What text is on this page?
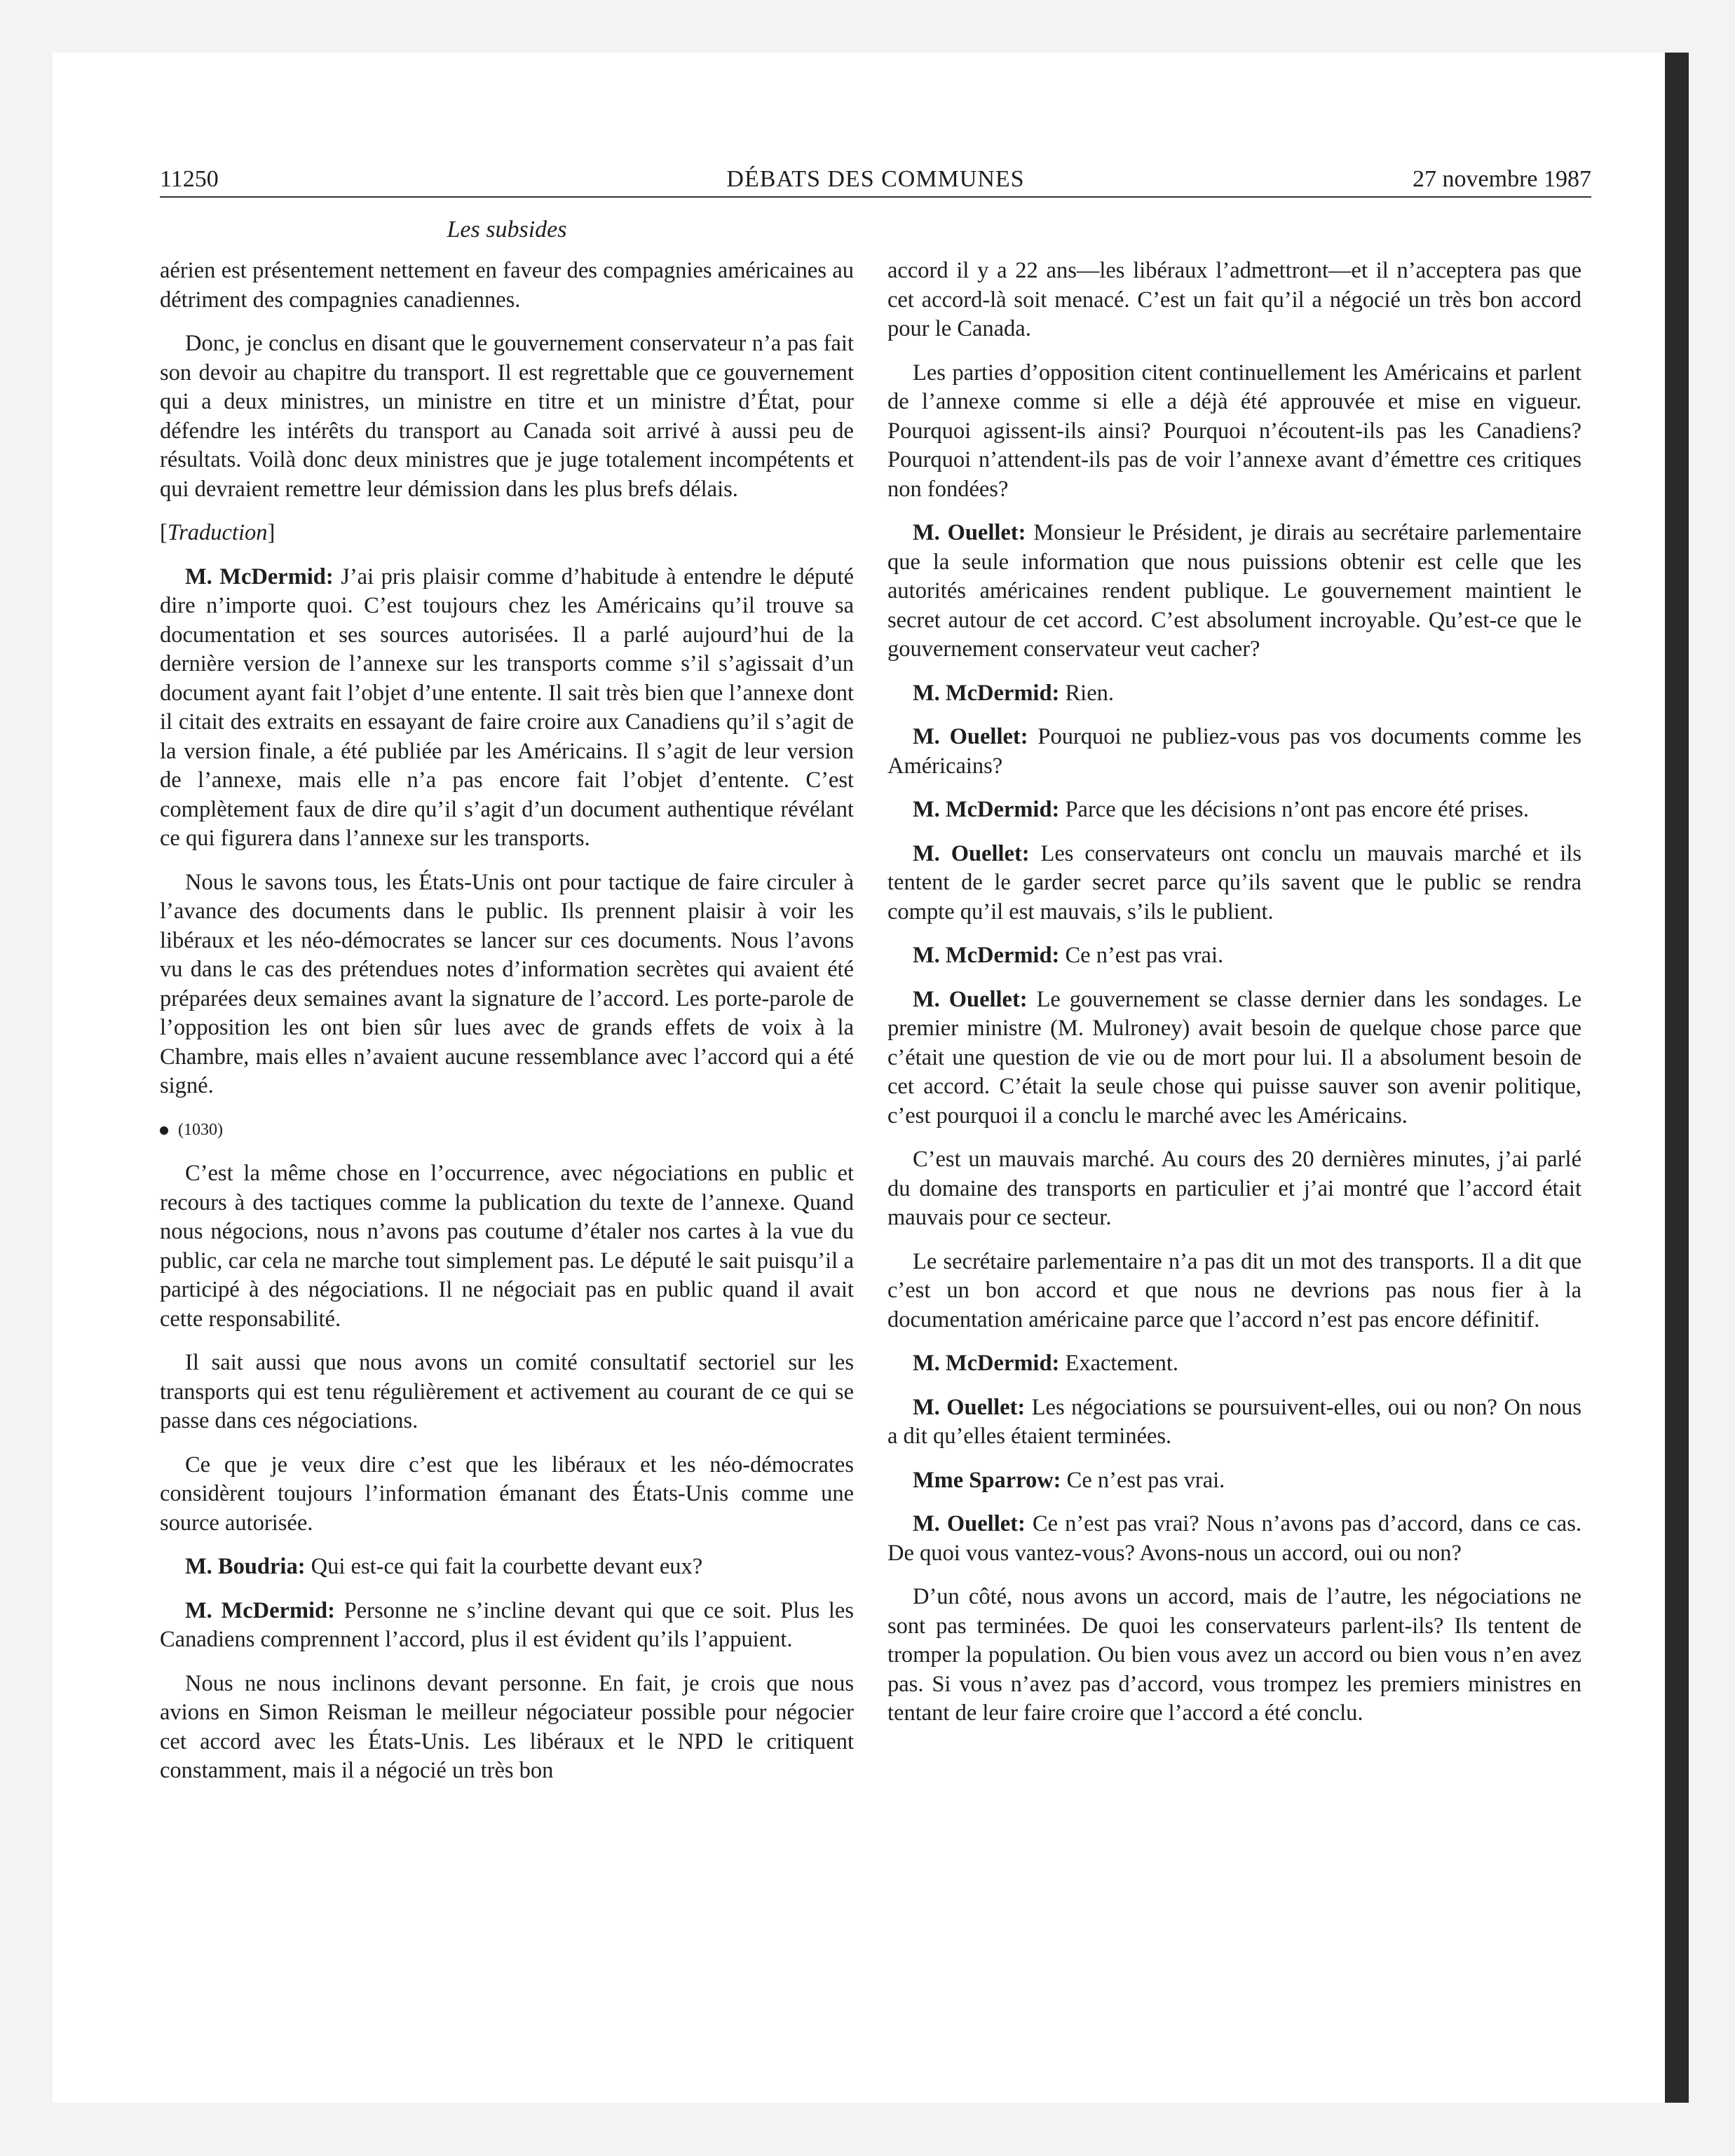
11250	DÉBATS DES COMMUNES	27 novembre 1987
Les subsides

aérien est présentement nettement en faveur des compagnies américaines au détriment des compagnies canadiennes.

Donc, je conclus en disant que le gouvernement conservateur n’a pas fait son devoir au chapitre du transport. Il est regrettable que ce gouvernement qui a deux ministres, un ministre en titre et un ministre d’État, pour défendre les intérêts du transport au Canada soit arrivé à aussi peu de résultats. Voilà donc deux ministres que je juge totalement incompétents et qui devraient remettre leur démission dans les plus brefs délais.

[Traduction]

M. McDermid: J’ai pris plaisir comme d’habitude à entendre le député dire n’importe quoi. C’est toujours chez les Américains qu’il trouve sa documentation et ses sources autorisées. Il a parlé aujourd’hui de la dernière version de l’annexe sur les transports comme s’il s’agissait d’un document ayant fait l’objet d’une entente. Il sait très bien que l’annexe dont il citait des extraits en essayant de faire croire aux Canadiens qu’il s’agit de la version finale, a été publiée par les Américains. Il s’agit de leur version de l’annexe, mais elle n’a pas encore fait l’objet d’entente. C’est complètement faux de dire qu’il s’agit d’un document authentique révélant ce qui figurera dans l’annexe sur les transports.

Nous le savons tous, les États-Unis ont pour tactique de faire circuler à l’avance des documents dans le public. Ils prennent plaisir à voir les libéraux et les néo-démocrates se lancer sur ces documents. Nous l’avons vu dans le cas des prétendues notes d’information secrètes qui avaient été préparées deux semaines avant la signature de l’accord. Les porte-parole de l’opposition les ont bien sûr lues avec de grands effets de voix à la Chambre, mais elles n’avaient aucune ressemblance avec l’accord qui a été signé.

(1030)

C’est la même chose en l’occurrence, avec négociations en public et recours à des tactiques comme la publication du texte de l’annexe. Quand nous négocions, nous n’avons pas coutume d’étaler nos cartes à la vue du public, car cela ne marche tout simplement pas. Le député le sait puisqu’il a participé à des négociations. Il ne négociait pas en public quand il avait cette responsabilité.

Il sait aussi que nous avons un comité consultatif sectoriel sur les transports qui est tenu régulièrement et activement au courant de ce qui se passe dans ces négociations.

Ce que je veux dire c’est que les libéraux et les néo-démocrates considèrent toujours l’information émanant des États-Unis comme une source autorisée.

M. Boudria: Qui est-ce qui fait la courbette devant eux?

M. McDermid: Personne ne s’incline devant qui que ce soit. Plus les Canadiens comprennent l’accord, plus il est évident qu’ils l’appuient.

Nous ne nous inclinons devant personne. En fait, je crois que nous avions en Simon Reisman le meilleur négociateur possible pour négocier cet accord avec les États-Unis. Les libéraux et le NPD le critiquent constamment, mais il a négocié un très bon

accord il y a 22 ans—les libéraux l’admettront—et il n’acceptera pas que cet accord-là soit menacé. C’est un fait qu’il a négocié un très bon accord pour le Canada.

Les parties d’opposition citent continuellement les Américains et parlent de l’annexe comme si elle a déjà été approuvée et mise en vigueur. Pourquoi agissent-ils ainsi? Pourquoi n’écoutent-ils pas les Canadiens? Pourquoi n’attendent-ils pas de voir l’annexe avant d’émettre ces critiques non fondées?

M. Ouellet: Monsieur le Président, je dirais au secrétaire parlementaire que la seule information que nous puissions obtenir est celle que les autorités américaines rendent publique. Le gouvernement maintient le secret autour de cet accord. C’est absolument incroyable. Qu’est-ce que le gouvernement conservateur veut cacher?

M. McDermid: Rien.

M. Ouellet: Pourquoi ne publiez-vous pas vos documents comme les Américains?

M. McDermid: Parce que les décisions n’ont pas encore été prises.

M. Ouellet: Les conservateurs ont conclu un mauvais marché et ils tentent de le garder secret parce qu’ils savent que le public se rendra compte qu’il est mauvais, s’ils le publient.

M. McDermid: Ce n’est pas vrai.

M. Ouellet: Le gouvernement se classe dernier dans les sondages. Le premier ministre (M. Mulroney) avait besoin de quelque chose parce que c’était une question de vie ou de mort pour lui. Il a absolument besoin de cet accord. C’était la seule chose qui puisse sauver son avenir politique, c’est pourquoi il a conclu le marché avec les Américains.

C’est un mauvais marché. Au cours des 20 dernières minutes, j’ai parlé du domaine des transports en particulier et j’ai montré que l’accord était mauvais pour ce secteur.

Le secrétaire parlementaire n’a pas dit un mot des transports. Il a dit que c’est un bon accord et que nous ne devrions pas nous fier à la documentation américaine parce que l’accord n’est pas encore définitif.

M. McDermid: Exactement.

M. Ouellet: Les négociations se poursuivent-elles, oui ou non? On nous a dit qu’elles étaient terminées.

Mme Sparrow: Ce n’est pas vrai.

M. Ouellet: Ce n’est pas vrai? Nous n’avons pas d’accord, dans ce cas. De quoi vous vantez-vous? Avons-nous un accord, oui ou non?

D’un côté, nous avons un accord, mais de l’autre, les négociations ne sont pas terminées. De quoi les conservateurs parlent-ils? Ils tentent de tromper la population. Ou bien vous avez un accord ou bien vous n’en avez pas. Si vous n’avez pas d’accord, vous trompez les premiers ministres en tentant de leur faire croire que l’accord a été conclu.
